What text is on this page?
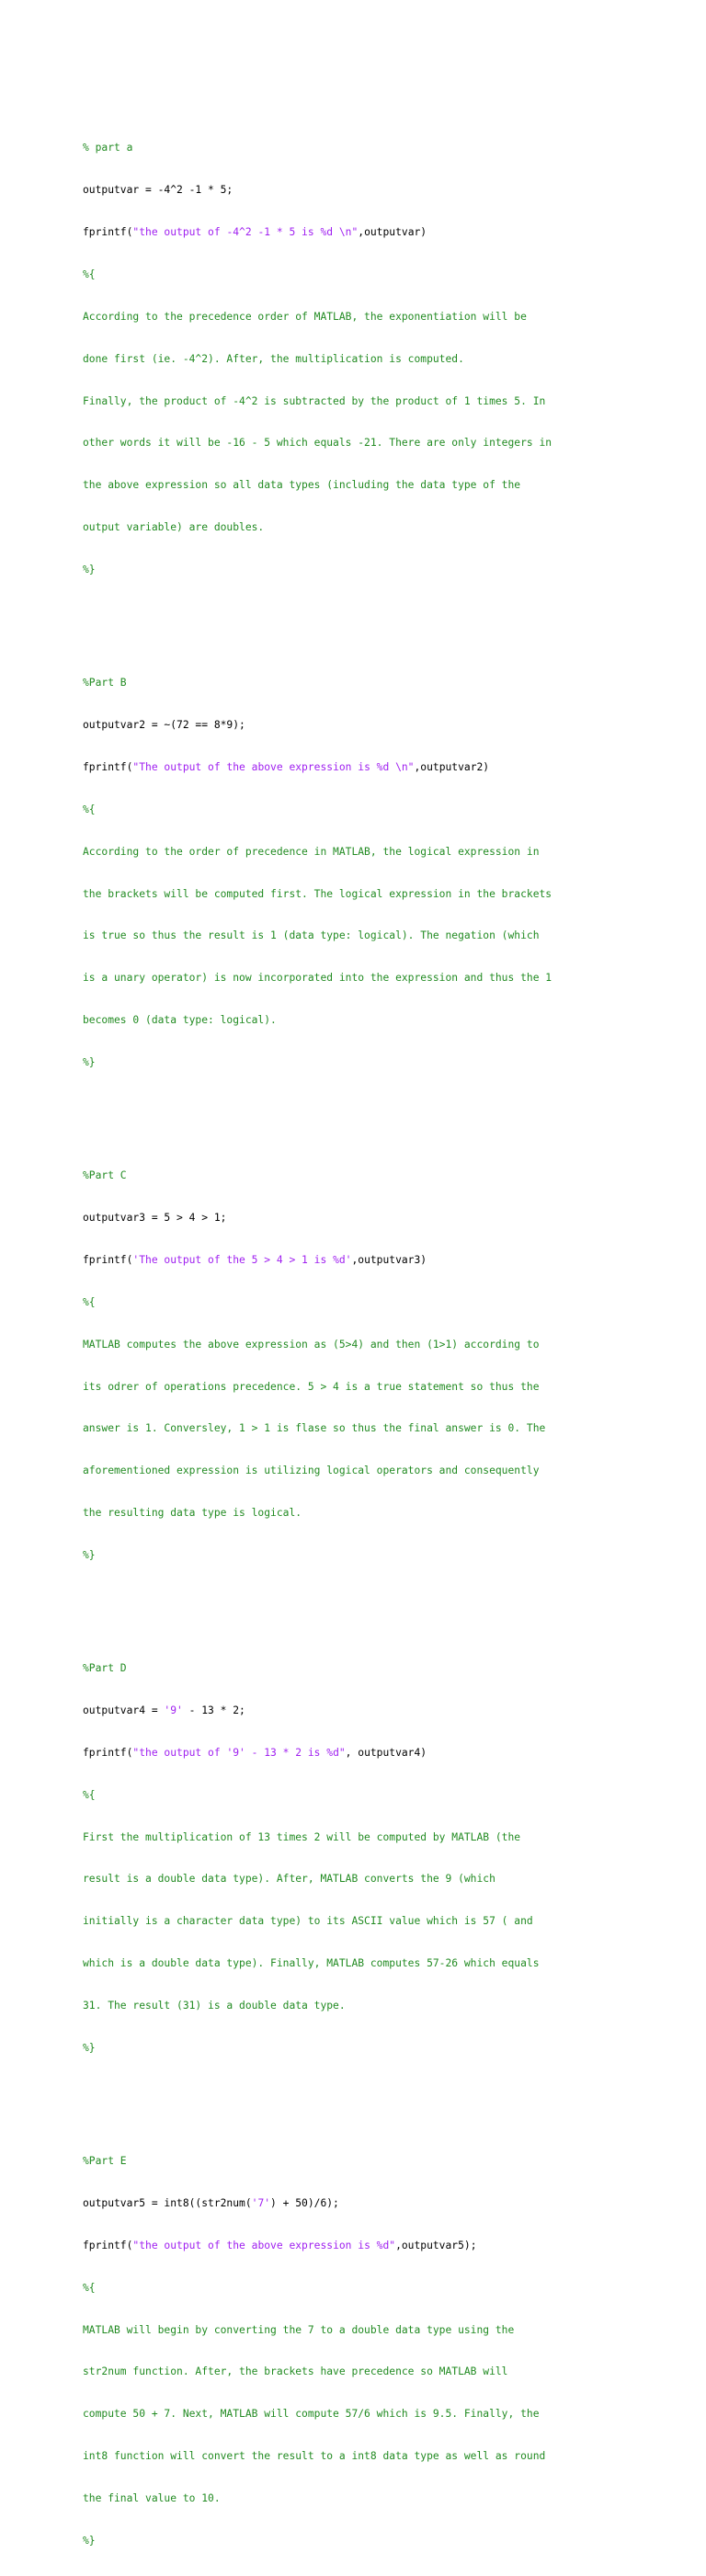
% part a

outputvar = -4^2 -1 * 5;

fprintf("the output of -4^2 -1 * 5 is %d \n",outputvar)

%{

According to the precedence order of MATLAB, the exponentiation will be

done first (ie. -4^2). After, the multiplication is computed.

Finally, the product of -4^2 is subtracted by the product of 1 times 5. In

other words it will be -16 - 5 which equals -21. There are only integers in

the above expression so all data types (including the data type of the

output variable) are doubles.

%}

%Part B

outputvar2 = ~(72 == 8*9);

fprintf("The output of the above expression is %d \n",outputvar2)

%{

According to the order of precedence in MATLAB, the logical expression in

the brackets will be computed first. The logical expression in the brackets

is true so thus the result is 1 (data type: logical). The negation (which

is a unary operator) is now incorporated into the expression and thus the 1

becomes 0 (data type: logical).

%}

%Part C

outputvar3 = 5 > 4 > 1;

fprintf('The output of the 5 > 4 > 1 is %d',outputvar3)

%{

MATLAB computes the above expression as (5>4) and then (1>1) according to

its odrer of operations precedence. 5 > 4 is a true statement so thus the

answer is 1. Conversley, 1 > 1 is flase so thus the final answer is 0. The

aforementioned expression is utilizing logical operators and consequently

the resulting data type is logical.

%}

%Part D

outputvar4 = '9' - 13 * 2;

fprintf("the output of '9' - 13 * 2 is %d", outputvar4)

%{

First the multiplication of 13 times 2 will be computed by MATLAB (the

result is a double data type). After, MATLAB converts the 9 (which

initially is a character data type) to its ASCII value which is 57 ( and

which is a double data type). Finally, MATLAB computes 57-26 which equals

31. The result (31) is a double data type.

%}

%Part E

outputvar5 = int8((str2num('7') + 50)/6);

fprintf("the output of the above expression is %d",outputvar5);

%{

MATLAB will begin by converting the 7 to a double data type using the

str2num function. After, the brackets have precedence so MATLAB will

compute 50 + 7. Next, MATLAB will compute 57/6 which is 9.5. Finally, the

int8 function will convert the result to a int8 data type as well as round

the final value to 10.

%}
